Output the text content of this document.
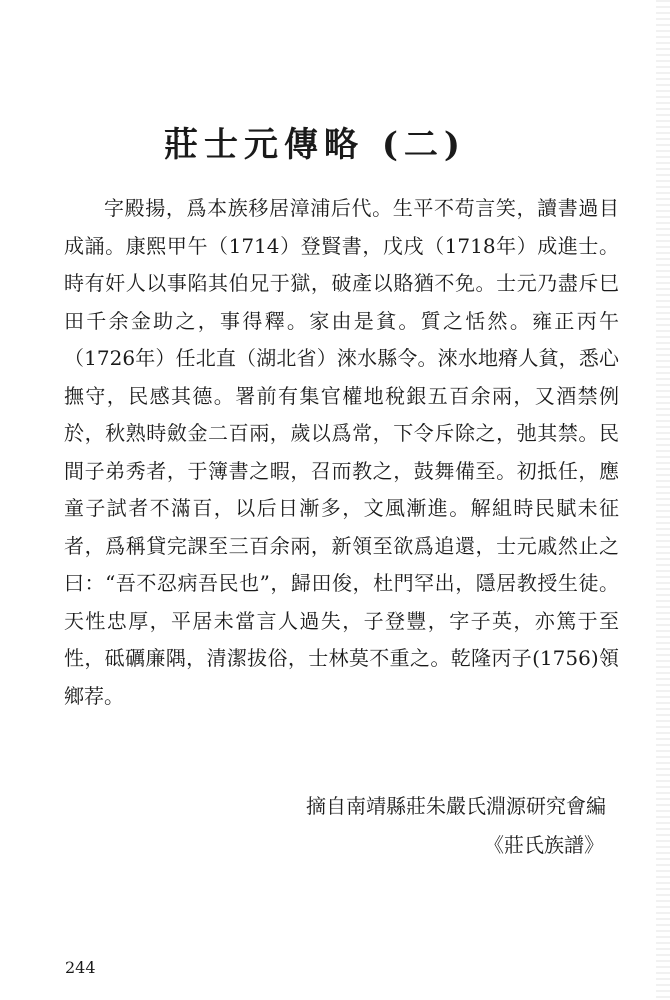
莊士元傳略 (二)

字殿揚，爲本族移居漳浦后代。生平不苟言笑，讀書過目成誦。康熙甲午（1714）登賢書，戊戌（1718年）成進士。時有奸人以事陷其伯兄于獄，破產以賂猶不免。士元乃盡斥巳田千余金助之，事得釋。家由是貧。質之恬然。雍正丙午（1726年）任北直（湖北省）淶水縣令。淶水地瘠人貧，悉心撫守，民感其德。署前有集官權地稅銀五百余兩，又酒禁例於，秋熟時斂金二百兩，歲以爲常，下令斥除之，弛其禁。民間子弟秀者，于簿書之暇，召而教之，鼓舞備至。初抵任，應童子試者不滿百，以后日漸多，文風漸進。解組時民賦未征者，爲稱貸完課至三百余兩，新領至欲爲追還，士元戚然止之曰：“吾不忍病吾民也”，歸田俊，杜門罕出，隱居教授生徒。天性忠厚，平居未當言人過失，子登豐，字子英，亦篤于至性，砥礪廉隅，清潔拔俗，士林莫不重之。乾隆丙子(1756)領鄉荐。

摘自南靖縣莊朱嚴氏淵源研究會編
《莊氏族譜》
244
